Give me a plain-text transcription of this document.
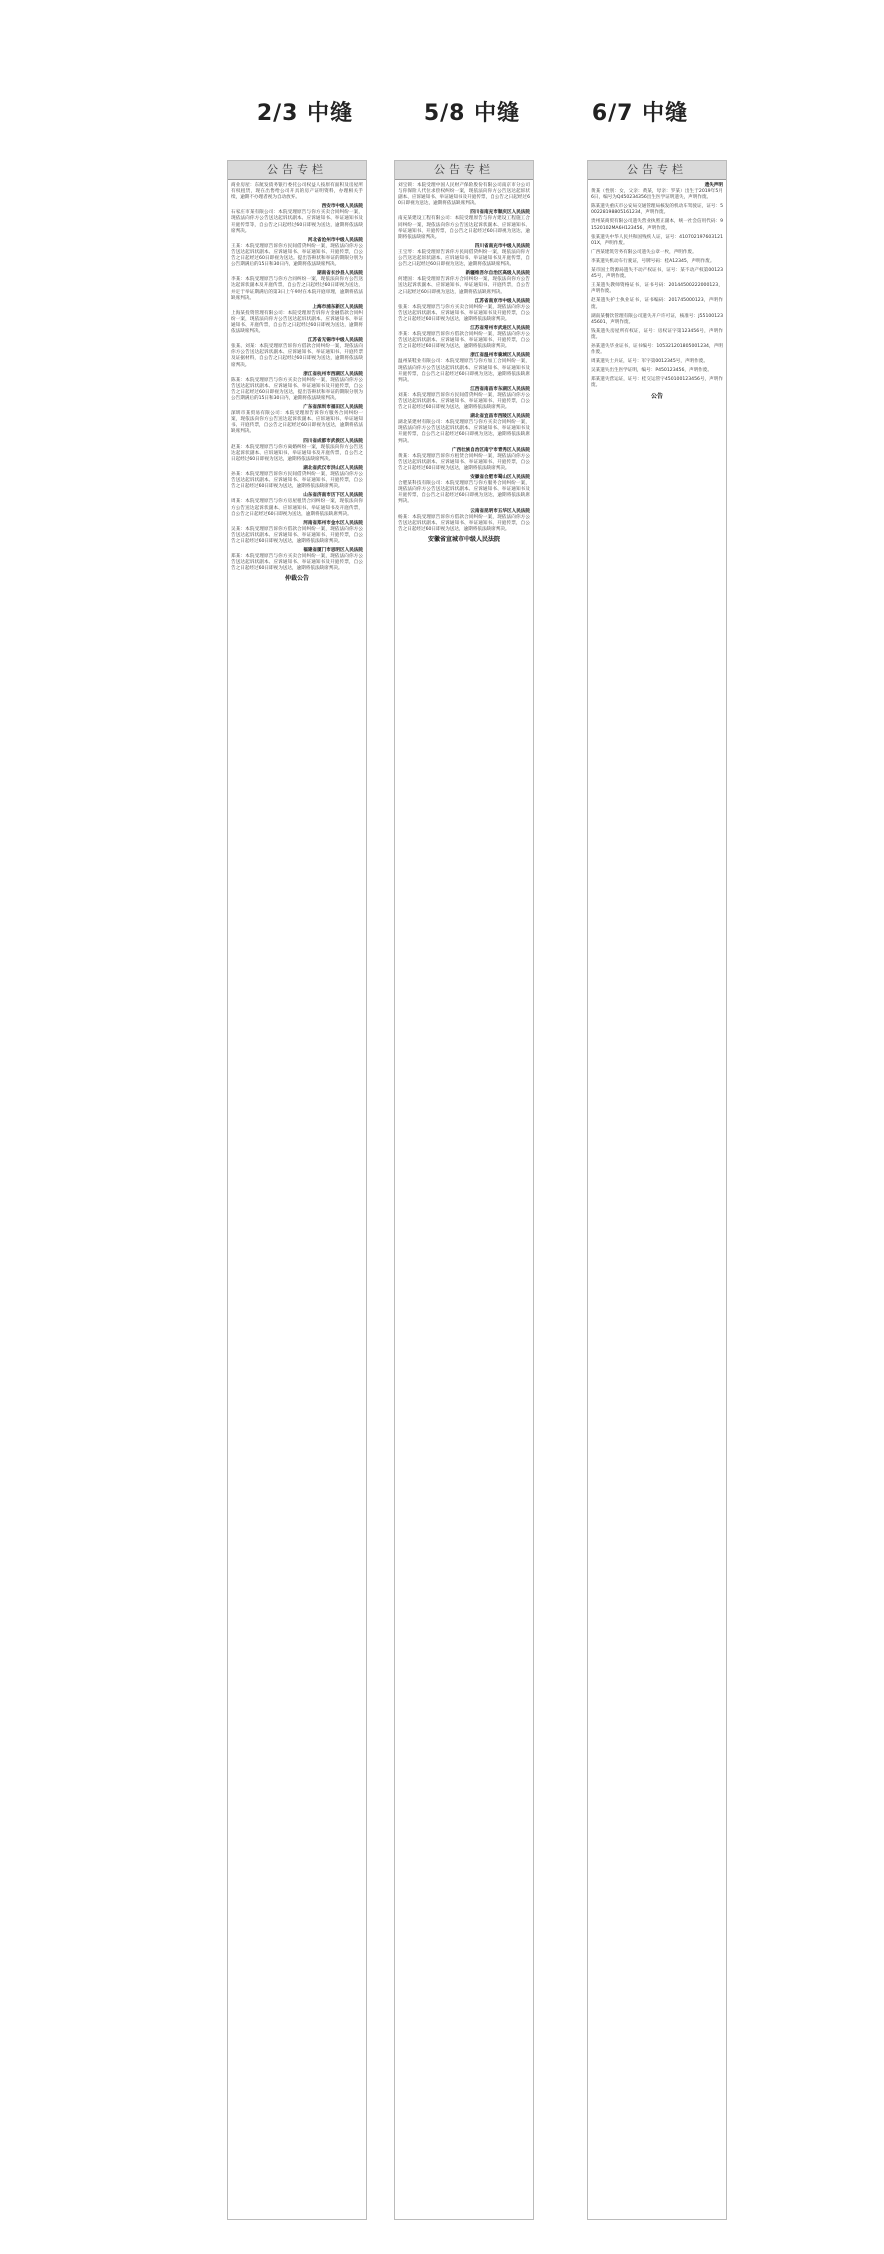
2/3 中缝
公告专栏
商业房屋：东航发债务银行委托公司权益人按原有面积及房屋所有权租赁，现在出售给公司开具的房产证明资料，办理相关手续，逾期不办理者视为自动放弃。
西安市中级人民法院
石家庄市某有限公司：本院受理原告与你方买卖合同纠纷一案，现依法向你方公告送达起诉状副本、应诉通知书、举证通知书及开庭传票等，自公告之日起经过60日即视为送达，逾期将依法缺席判决。
河北省沧州市中级人民法院
王某：本院受理原告诉你方民间借贷纠纷一案，现依法向你方公告送达起诉状副本、应诉通知书、举证通知书、开庭传票，自公告之日起经过60日即视为送达。提出答辩状和举证的期限分别为公告期满后的15日和30日内，逾期将依法缺席判决。
湖南省长沙县人民法院
李某：本院受理原告与你方合同纠纷一案，现依法向你方公告送达起诉状副本及开庭传票，自公告之日起经过60日即视为送达，并定于举证期满后的第3日上午9时在本院开庭审理，逾期将依法缺席判决。
上海市浦东新区人民法院
上海某投资管理有限公司：本院受理原告诉你方金融借款合同纠纷一案，现依法向你方公告送达起诉状副本、应诉通知书、举证通知书、开庭传票，自公告之日起经过60日即视为送达，逾期将依法缺席判决。
江苏省无锡市中级人民法院
张某、刘某：本院受理原告诉你方借款合同纠纷一案，现依法向你方公告送达起诉状副本、应诉通知书、举证通知书、开庭传票及证据材料，自公告之日起经过60日即视为送达，逾期将依法缺席判决。
浙江省杭州市西湖区人民法院
陈某：本院受理原告与你方买卖合同纠纷一案，现依法向你方公告送达起诉状副本、应诉通知书、举证通知书及开庭传票，自公告之日起经过60日即视为送达，提出答辩状和举证的期限分别为公告期满后的15日和30日内，逾期将依法缺席判决。
广东省深圳市福田区人民法院
深圳市某贸易有限公司：本院受理原告诉你方服务合同纠纷一案，现依法向你方公告送达起诉状副本、应诉通知书、举证通知书、开庭传票，自公告之日起经过60日即视为送达，逾期将依法缺席判决。
四川省成都市武侯区人民法院
赵某：本院受理原告与你方离婚纠纷一案，现依法向你方公告送达起诉状副本、应诉通知书、举证通知书及开庭传票，自公告之日起经过60日即视为送达，逾期将依法缺席判决。
湖北省武汉市洪山区人民法院
孙某：本院受理原告诉你方民间借贷纠纷一案，现依法向你方公告送达起诉状副本、应诉通知书、举证通知书、开庭传票，自公告之日起经过60日即视为送达，逾期将依法缺席判决。
山东省济南市历下区人民法院
周某：本院受理原告与你方房屋租赁合同纠纷一案，现依法向你方公告送达起诉状副本、应诉通知书、举证通知书及开庭传票，自公告之日起经过60日即视为送达，逾期将依法缺席判决。
河南省郑州市金水区人民法院
吴某：本院受理原告诉你方借款合同纠纷一案，现依法向你方公告送达起诉状副本、应诉通知书、举证通知书、开庭传票，自公告之日起经过60日即视为送达，逾期将依法缺席判决。
福建省厦门市思明区人民法院
郑某：本院受理原告与你方买卖合同纠纷一案，现依法向你方公告送达起诉状副本、应诉通知书、举证通知书及开庭传票，自公告之日起经过60日即视为送达，逾期将依法缺席判决。
仲裁公告
5/8 中缝
公告专栏
刘宝锁：本院受理中国人民财产保险股份有限公司南京市分公司与你保险人代位求偿权纠纷一案，现依法向你方公告送达起诉状副本、应诉通知书、举证通知书及开庭传票，自公告之日起经过60日即视为送达，逾期将依法缺席判决。
四川省南充市顺庆区人民法院
南充某建设工程有限公司：本院受理原告与你方建设工程施工合同纠纷一案，现依法向你方公告送达起诉状副本、应诉通知书、举证通知书、开庭传票，自公告之日起经过60日即视为送达，逾期将依法缺席判决。
四川省南充市中级人民法院
王宝琴：本院受理原告诉你方民间借贷纠纷一案，现依法向你方公告送达起诉状副本、应诉通知书、举证通知书及开庭传票，自公告之日起经过60日即视为送达，逾期将依法缺席判决。
新疆维吾尔自治区高级人民法院
何建国：本院受理原告诉你方合同纠纷一案，现依法向你方公告送达起诉状副本、应诉通知书、举证通知书、开庭传票，自公告之日起经过60日即视为送达，逾期将依法缺席判决。
江苏省南京市中级人民法院
张某：本院受理原告与你方买卖合同纠纷一案，现依法向你方公告送达起诉状副本、应诉通知书、举证通知书及开庭传票，自公告之日起经过60日即视为送达，逾期将依法缺席判决。
江苏省常州市武进区人民法院
李某：本院受理原告诉你方借款合同纠纷一案，现依法向你方公告送达起诉状副本、应诉通知书、举证通知书、开庭传票，自公告之日起经过60日即视为送达，逾期将依法缺席判决。
浙江省温州市鹿城区人民法院
温州某鞋业有限公司：本院受理原告与你方加工合同纠纷一案，现依法向你方公告送达起诉状副本、应诉通知书、举证通知书及开庭传票，自公告之日起经过60日即视为送达，逾期将依法缺席判决。
江西省南昌市东湖区人民法院
刘某：本院受理原告诉你方民间借贷纠纷一案，现依法向你方公告送达起诉状副本、应诉通知书、举证通知书、开庭传票，自公告之日起经过60日即视为送达，逾期将依法缺席判决。
湖北省宜昌市西陵区人民法院
湖北某建材有限公司：本院受理原告与你方买卖合同纠纷一案，现依法向你方公告送达起诉状副本、应诉通知书、举证通知书及开庭传票，自公告之日起经过60日即视为送达，逾期将依法缺席判决。
广西壮族自治区南宁市青秀区人民法院
黄某：本院受理原告诉你方租赁合同纠纷一案，现依法向你方公告送达起诉状副本、应诉通知书、举证通知书、开庭传票，自公告之日起经过60日即视为送达，逾期将依法缺席判决。
安徽省合肥市蜀山区人民法院
合肥某科技有限公司：本院受理原告与你方服务合同纠纷一案，现依法向你方公告送达起诉状副本、应诉通知书、举证通知书及开庭传票，自公告之日起经过60日即视为送达，逾期将依法缺席判决。
云南省昆明市五华区人民法院
杨某：本院受理原告诉你方借款合同纠纷一案，现依法向你方公告送达起诉状副本、应诉通知书、举证通知书、开庭传票，自公告之日起经过60日即视为送达，逾期将依法缺席判决。
安徽省宣城市中级人民法院
6/7 中缝
公告专栏
遗失声明
黄某（性别：女，父亲：黄某，母亲：罗某）出生于2019年5月6日，编号为Q450234356出生医学证明遗失，声明作废。
陈某遗失重庆市公安局交通管理局核发的机动车驾驶证，证号：500228198805161234，声明作废。
贵州某商贸有限公司遗失营业执照正副本，统一社会信用代码：91520102MA6H123456，声明作废。
张某遗失中华人民共和国残疾人证，证号：41070219760312101X，声明作废。
广西某建筑劳务有限公司遗失公章一枚，声明作废。
李某遗失机动车行驶证，号牌号码：桂A12345，声明作废。
某市国土资源局遗失不动产权证书，证号：某不动产权第0012345号，声明作废。
王某遗失教师资格证书，证书号码：20144500222000123，声明作废。
赵某遗失护士执业证书，证书编码：201745000123，声明作废。
湖南某餐饮管理有限公司遗失开户许可证，核准号：J5510012345601，声明作废。
钱某遗失房屋所有权证，证号：房权证字第123456号，声明作废。
孙某遗失毕业证书，证书编号：105321201805001234，声明作废。
周某遗失士兵证，证号：军字第0012345号，声明作废。
吴某遗失出生医学证明，编号：P450123456，声明作废。
郑某遗失营运证，证号：桂交运管字450100123456号，声明作废。
公告
